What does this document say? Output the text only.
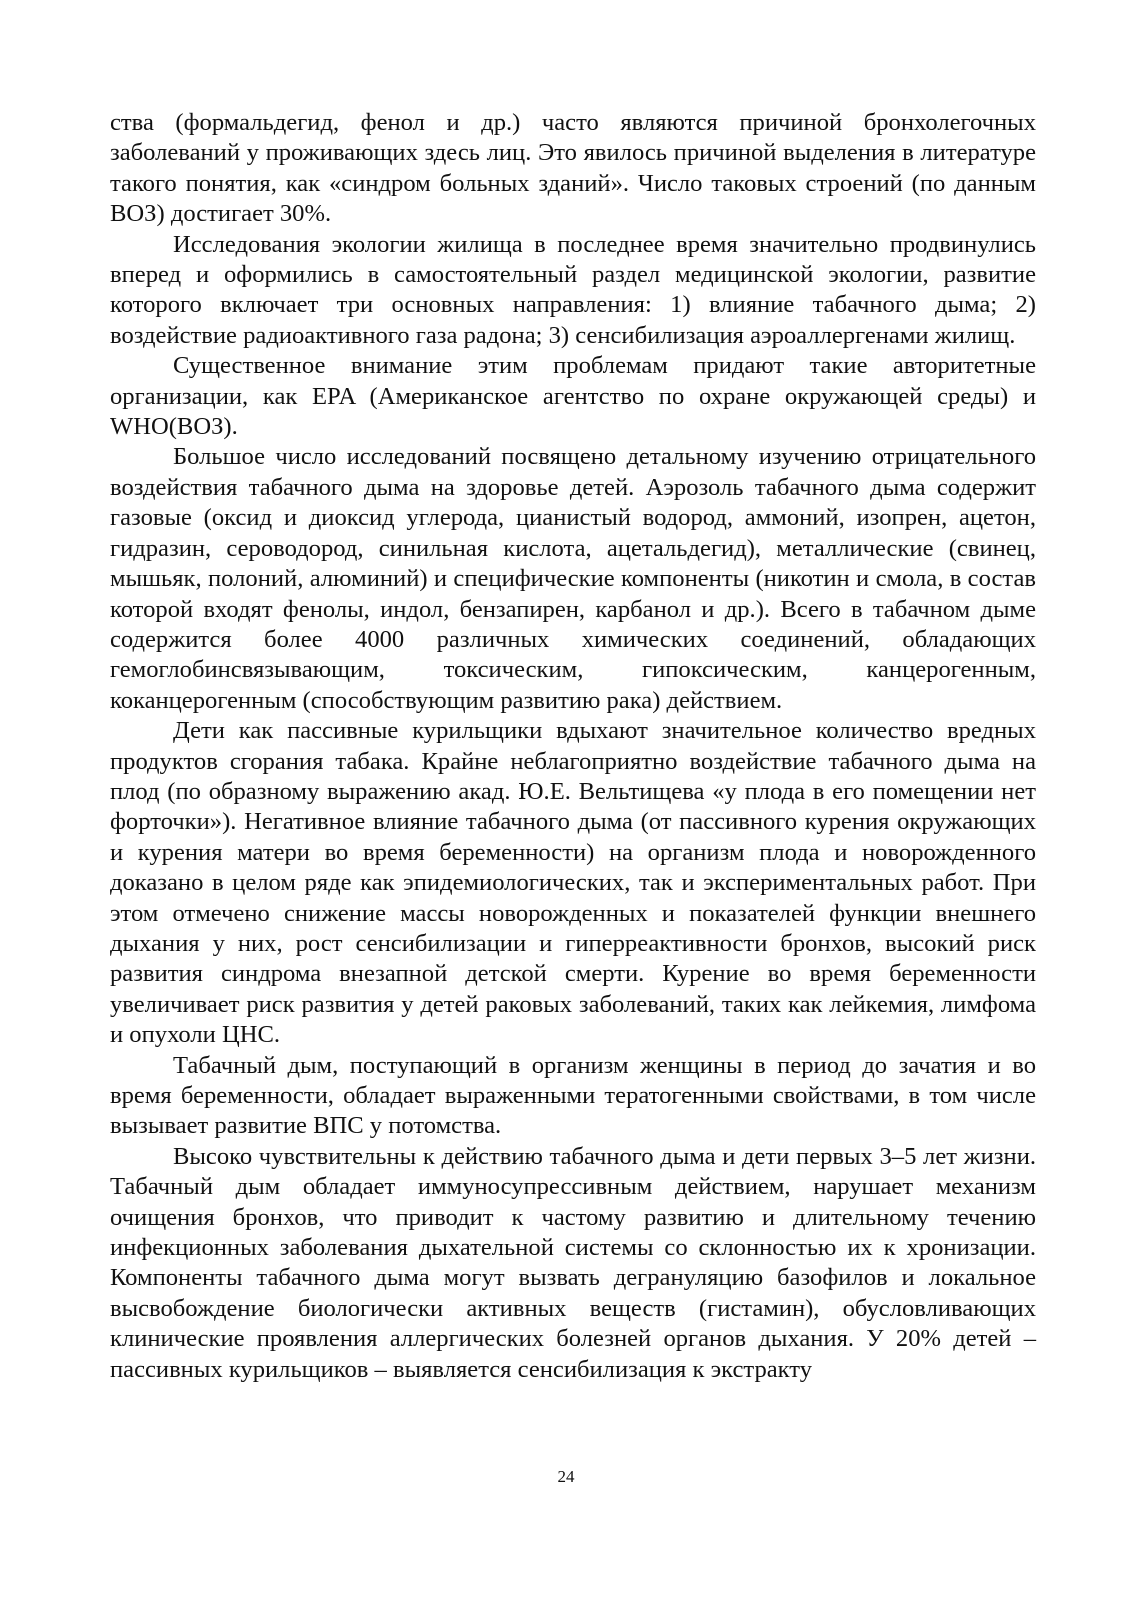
ства (формальдегид, фенол и др.) часто являются причиной бронхолегочных заболеваний у проживающих здесь лиц. Это явилось причиной выделения в литературе такого понятия, как «синдром больных зданий». Число таковых строений (по данным ВОЗ) достигает 30%.

Исследования экологии жилища в последнее время значительно продвинулись вперед и оформились в самостоятельный раздел медицинской экологии, развитие которого включает три основных направления: 1) влияние табачного дыма; 2) воздействие радиоактивного газа радона; 3) сенсибилизация аэроаллергенами жилищ.

Существенное внимание этим проблемам придают такие авторитетные организации, как EPA (Американское агентство по охране окружающей среды) и WHO(ВОЗ).

Большое число исследований посвящено детальному изучению отрицательного воздействия табачного дыма на здоровье детей. Аэрозоль табачного дыма содержит газовые (оксид и диоксид углерода, цианистый водород, аммоний, изопрен, ацетон, гидразин, сероводород, синильная кислота, ацетальдегид), металлические (свинец, мышьяк, полоний, алюминий) и специфические компоненты (никотин и смола, в состав которой входят фенолы, индол, бензапирен, карбанол и др.). Всего в табачном дыме содержится более 4000 различных химических соединений, обладающих гемоглобинсвязывающим, токсическим, гипоксическим, канцерогенным, коканцерогенным (способствующим развитию рака) действием.

Дети как пассивные курильщики вдыхают значительное количество вредных продуктов сгорания табака. Крайне неблагоприятно воздействие табачного дыма на плод (по образному выражению акад. Ю.Е. Вельтищева «у плода в его помещении нет форточки»). Негативное влияние табачного дыма (от пассивного курения окружающих и курения матери во время беременности) на организм плода и новорожденного доказано в целом ряде как эпидемиологических, так и экспериментальных работ. При этом отмечено снижение массы новорожденных и показателей функции внешнего дыхания у них, рост сенсибилизации и гиперреактивности бронхов, высокий риск развития синдрома внезапной детской смерти. Курение во время беременности увеличивает риск развития у детей раковых заболеваний, таких как лейкемия, лимфома и опухоли ЦНС.

Табачный дым, поступающий в организм женщины в период до зачатия и во время беременности, обладает выраженными тератогенными свойствами, в том числе вызывает развитие ВПС у потомства.

Высоко чувствительны к действию табачного дыма и дети первых 3–5 лет жизни. Табачный дым обладает иммуносупрессивным действием, нарушает механизм очищения бронхов, что приводит к частому развитию и длительному течению инфекционных заболевания дыхательной системы со склонностью их к хронизации. Компоненты табачного дыма могут вызвать дегрануляцию базофилов и локальное высвобождение биологически активных веществ (гистамин), обусловливающих клинические проявления аллергических болезней органов дыхания. У 20% детей – пассивных курильщиков – выявляется сенсибилизация к экстракту

24
